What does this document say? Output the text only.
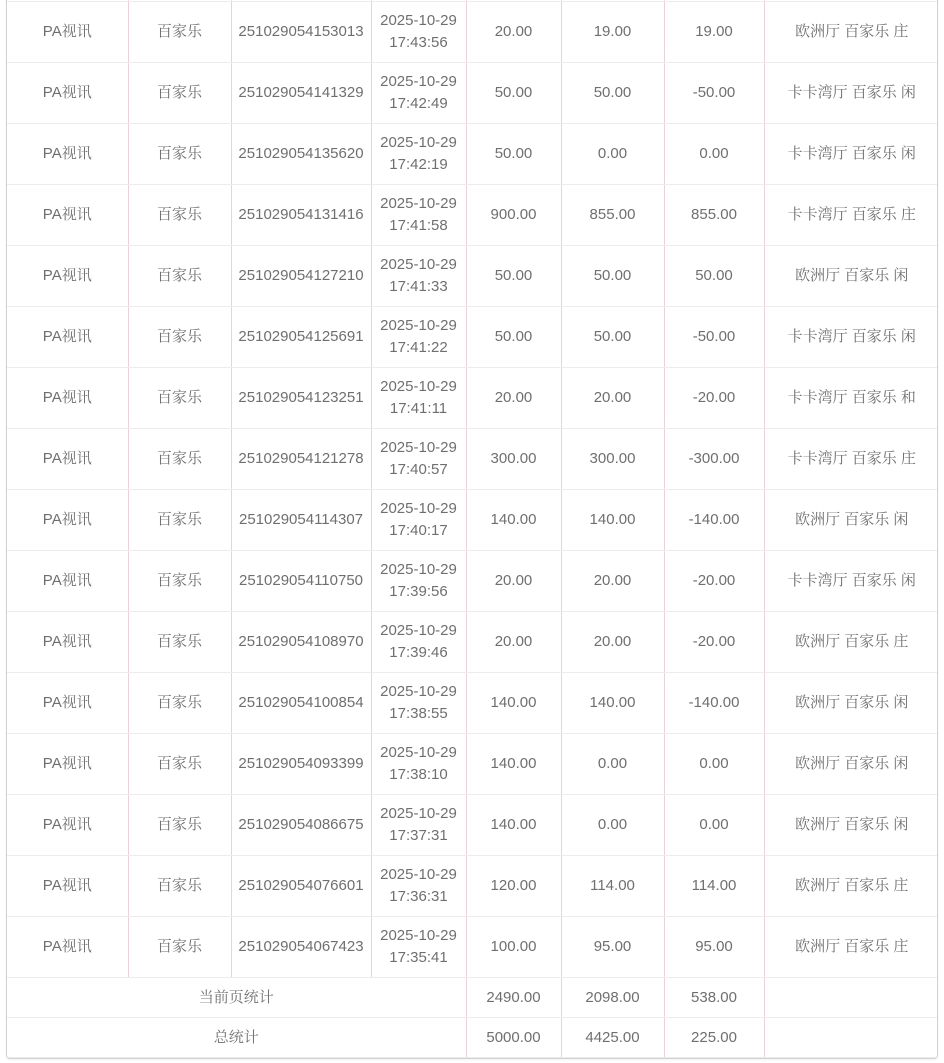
PA视讯	百家乐	251029054153013	2025-10-29 17:43:56	20.00	19.00	19.00	欧洲厅 百家乐 庄
PA视讯	百家乐	251029054141329	2025-10-29 17:42:49	50.00	50.00	-50.00	卡卡湾厅 百家乐 闲
PA视讯	百家乐	251029054135620	2025-10-29 17:42:19	50.00	0.00	0.00	卡卡湾厅 百家乐 闲
PA视讯	百家乐	251029054131416	2025-10-29 17:41:58	900.00	855.00	855.00	卡卡湾厅 百家乐 庄
PA视讯	百家乐	251029054127210	2025-10-29 17:41:33	50.00	50.00	50.00	欧洲厅 百家乐 闲
PA视讯	百家乐	251029054125691	2025-10-29 17:41:22	50.00	50.00	-50.00	卡卡湾厅 百家乐 闲
PA视讯	百家乐	251029054123251	2025-10-29 17:41:11	20.00	20.00	-20.00	卡卡湾厅 百家乐 和
PA视讯	百家乐	251029054121278	2025-10-29 17:40:57	300.00	300.00	-300.00	卡卡湾厅 百家乐 庄
PA视讯	百家乐	251029054114307	2025-10-29 17:40:17	140.00	140.00	-140.00	欧洲厅 百家乐 闲
PA视讯	百家乐	251029054110750	2025-10-29 17:39:56	20.00	20.00	-20.00	卡卡湾厅 百家乐 闲
PA视讯	百家乐	251029054108970	2025-10-29 17:39:46	20.00	20.00	-20.00	欧洲厅 百家乐 庄
PA视讯	百家乐	251029054100854	2025-10-29 17:38:55	140.00	140.00	-140.00	欧洲厅 百家乐 闲
PA视讯	百家乐	251029054093399	2025-10-29 17:38:10	140.00	0.00	0.00	欧洲厅 百家乐 闲
PA视讯	百家乐	251029054086675	2025-10-29 17:37:31	140.00	0.00	0.00	欧洲厅 百家乐 闲
PA视讯	百家乐	251029054076601	2025-10-29 17:36:31	120.00	114.00	114.00	欧洲厅 百家乐 庄
PA视讯	百家乐	251029054067423	2025-10-29 17:35:41	100.00	95.00	95.00	欧洲厅 百家乐 庄
当前页统计				2490.00	2098.00	538.00	
总统计				5000.00	4425.00	225.00	
